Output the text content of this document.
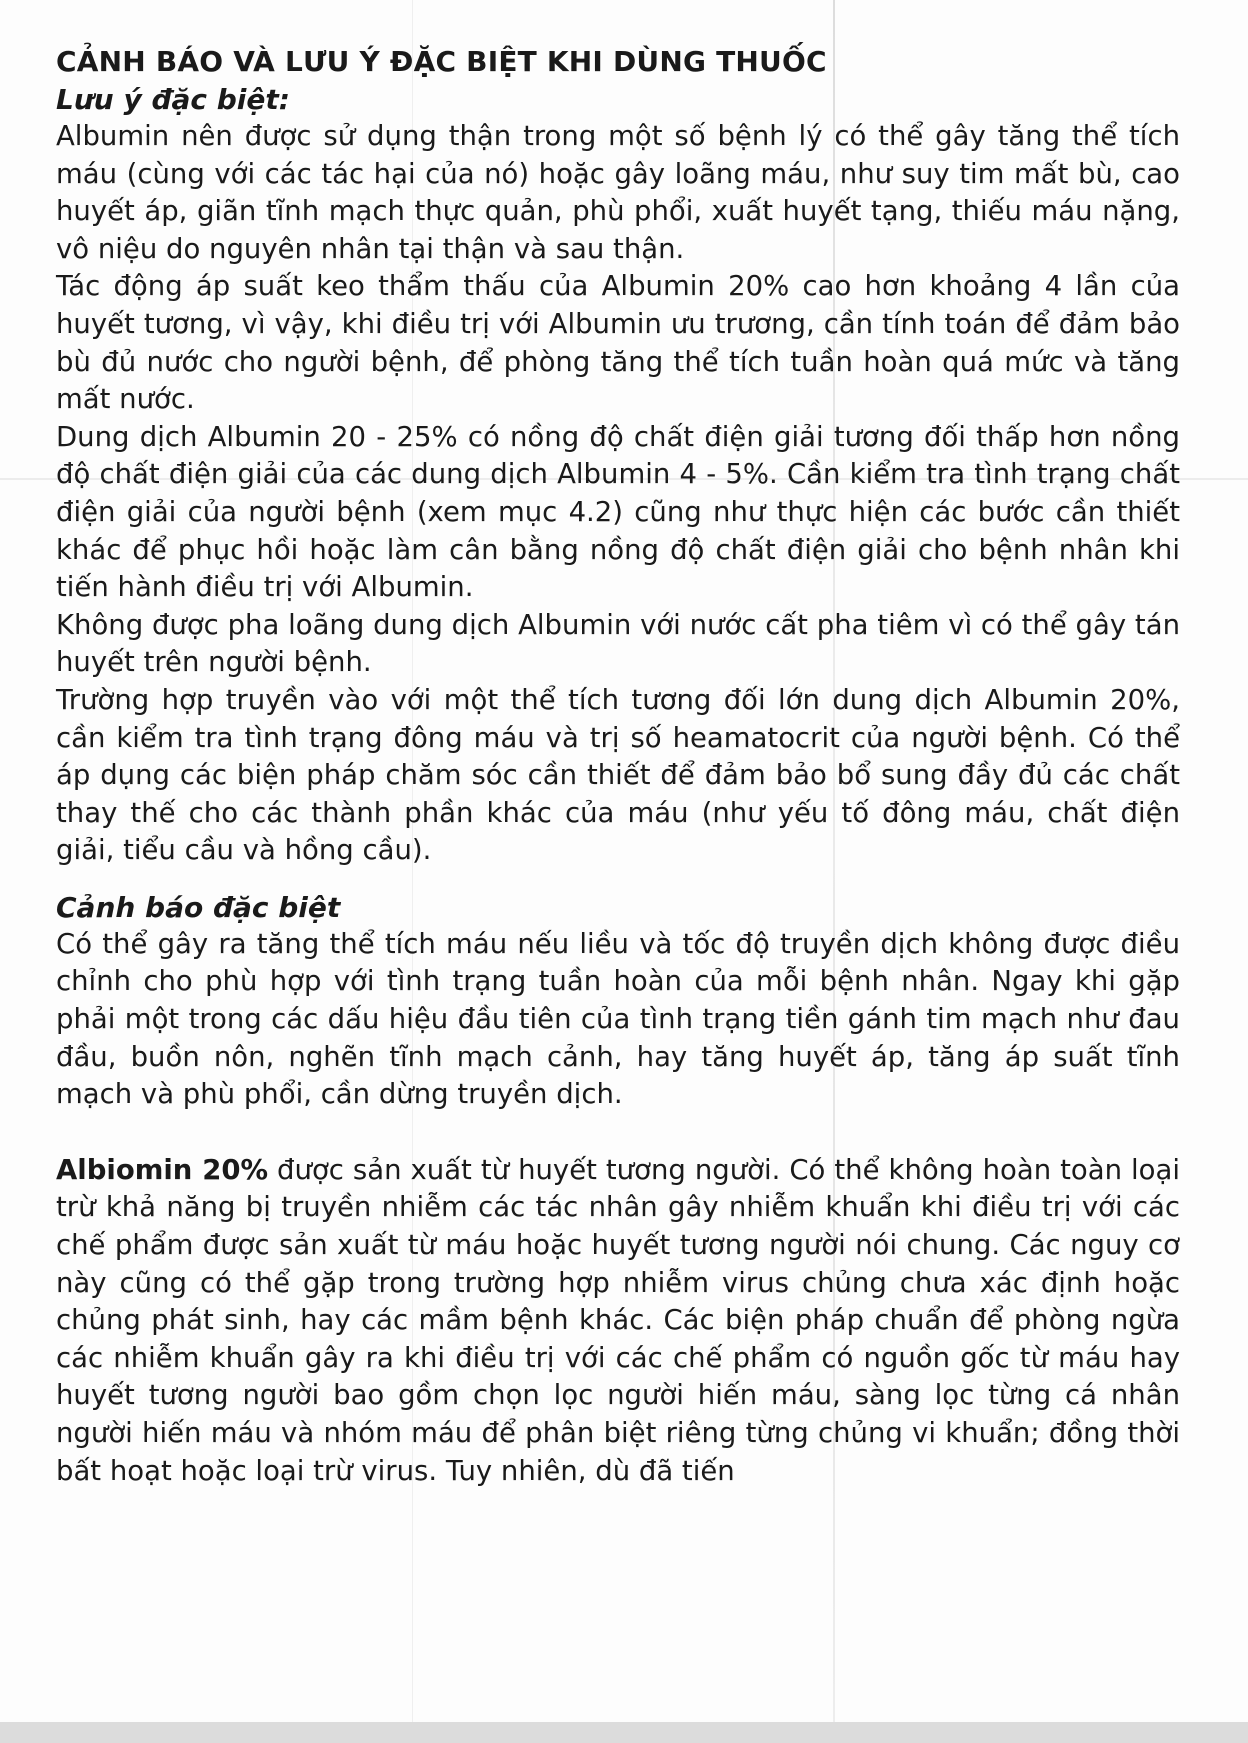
CẢNH BÁO VÀ LƯU Ý ĐẶC BIỆT KHI DÙNG THUỐC
Lưu ý đặc biệt:

Albumin nên được sử dụng thận trong một số bệnh lý có thể gây tăng thể tích máu (cùng với các tác hại của nó) hoặc gây loãng máu, như suy tim mất bù, cao huyết áp, giãn tĩnh mạch thực quản, phù phổi, xuất huyết tạng, thiếu máu nặng, vô niệu do nguyên nhân tại thận và sau thận.

Tác động áp suất keo thẩm thấu của Albumin 20% cao hơn khoảng 4 lần của huyết tương, vì vậy, khi điều trị với Albumin ưu trương, cần tính toán để đảm bảo bù đủ nước cho người bệnh, để phòng tăng thể tích tuần hoàn quá mức và tăng mất nước.

Dung dịch Albumin 20 - 25% có nồng độ chất điện giải tương đối thấp hơn nồng độ chất điện giải của các dung dịch Albumin 4 - 5%. Cần kiểm tra tình trạng chất điện giải của người bệnh (xem mục 4.2) cũng như thực hiện các bước cần thiết khác để phục hồi hoặc làm cân bằng nồng độ chất điện giải cho bệnh nhân khi tiến hành điều trị với Albumin.

Không được pha loãng dung dịch Albumin với nước cất pha tiêm vì có thể gây tán huyết trên người bệnh.

Trường hợp truyền vào với một thể tích tương đối lớn dung dịch Albumin 20%, cần kiểm tra tình trạng đông máu và trị số heamatocrit của người bệnh. Có thể áp dụng các biện pháp chăm sóc cần thiết để đảm bảo bổ sung đầy đủ các chất thay thế cho các thành phần khác của máu (như yếu tố đông máu, chất điện giải, tiểu cầu và hồng cầu).

Cảnh báo đặc biệt

Có thể gây ra tăng thể tích máu nếu liều và tốc độ truyền dịch không được điều chỉnh cho phù hợp với tình trạng tuần hoàn của mỗi bệnh nhân. Ngay khi gặp phải một trong các dấu hiệu đầu tiên của tình trạng tiền gánh tim mạch như đau đầu, buồn nôn, nghẽn tĩnh mạch cảnh, hay tăng huyết áp, tăng áp suất tĩnh mạch và phù phổi, cần dừng truyền dịch.

Albiomin 20% được sản xuất từ huyết tương người. Có thể không hoàn toàn loại trừ khả năng bị truyền nhiễm các tác nhân gây nhiễm khuẩn khi điều trị với các chế phẩm được sản xuất từ máu hoặc huyết tương người nói chung. Các nguy cơ này cũng có thể gặp trong trường hợp nhiễm virus chủng chưa xác định hoặc chủng phát sinh, hay các mầm bệnh khác. Các biện pháp chuẩn để phòng ngừa các nhiễm khuẩn gây ra khi điều trị với các chế phẩm có nguồn gốc từ máu hay huyết tương người bao gồm chọn lọc người hiến máu, sàng lọc từng cá nhân người hiến máu và nhóm máu để phân biệt riêng từng chủng vi khuẩn; đồng thời bất hoạt hoặc loại trừ virus. Tuy nhiên, dù đã tiến
